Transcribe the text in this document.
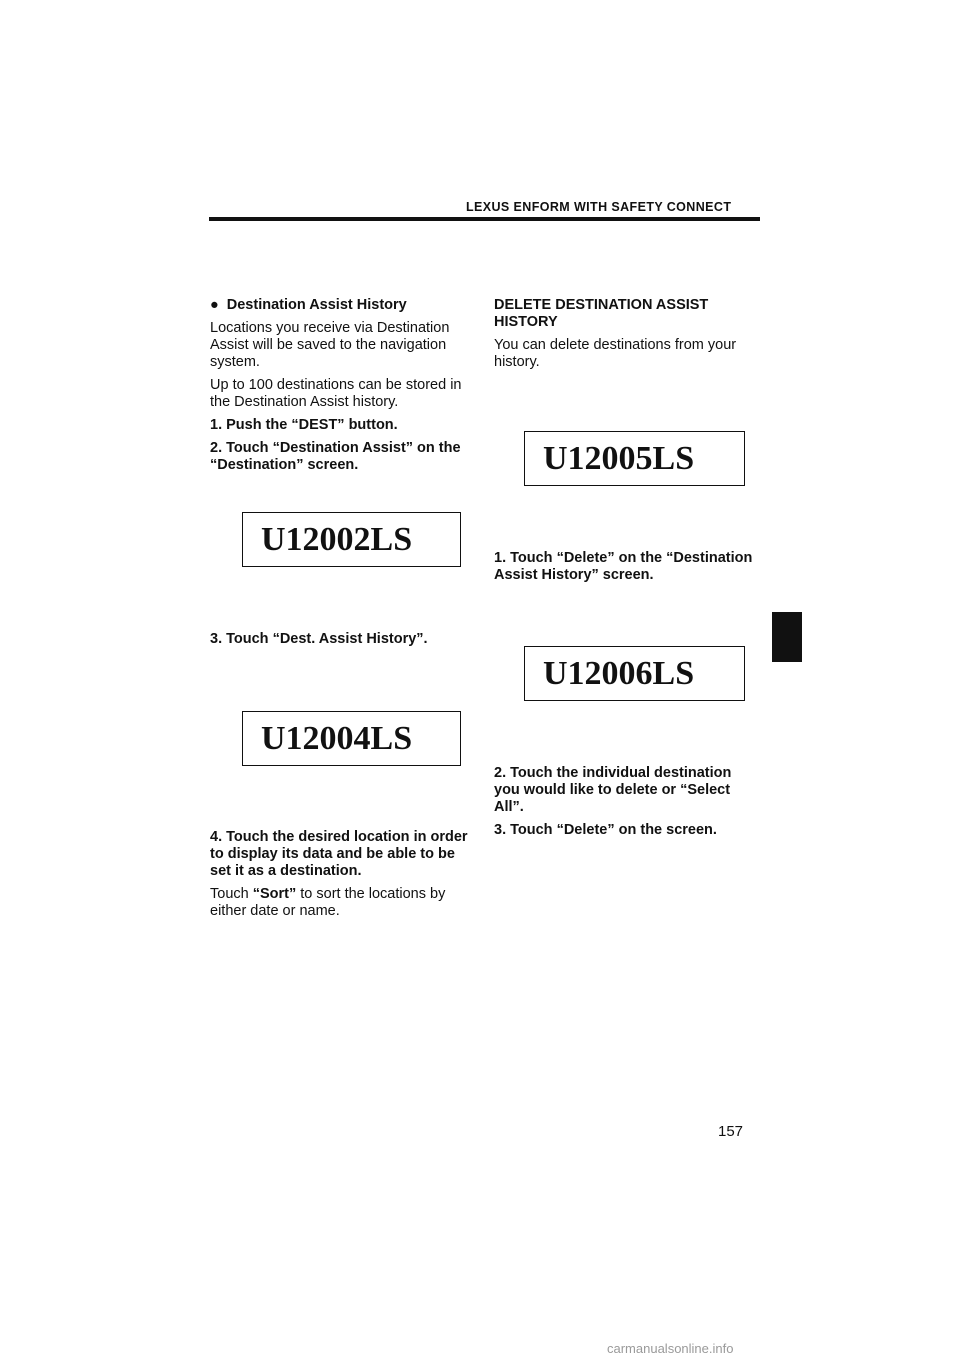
LEXUS ENFORM WITH SAFETY CONNECT
● Destination Assist History

Locations you receive via Destination Assist will be saved to the navigation system.

Up to 100 destinations can be stored in the Destination Assist history.

1. Push the “DEST” button.

2. Touch “Destination Assist” on the “Destination” screen.

U12002LS
3. Touch “Dest. Assist History”.
U12004LS

4. Touch the desired location in order to display its data and be able to be set it as a destination.

Touch “Sort” to sort the locations by either date or name.

DELETE DESTINATION ASSIST HISTORY

You can delete destinations from your history.

U12005LS
1. Touch “Delete” on the “Destination Assist History” screen.
U12006LS

2. Touch the individual destination you would like to delete or “Select All”.

3. Touch “Delete” on the screen.

157
carmanualsonline.info
